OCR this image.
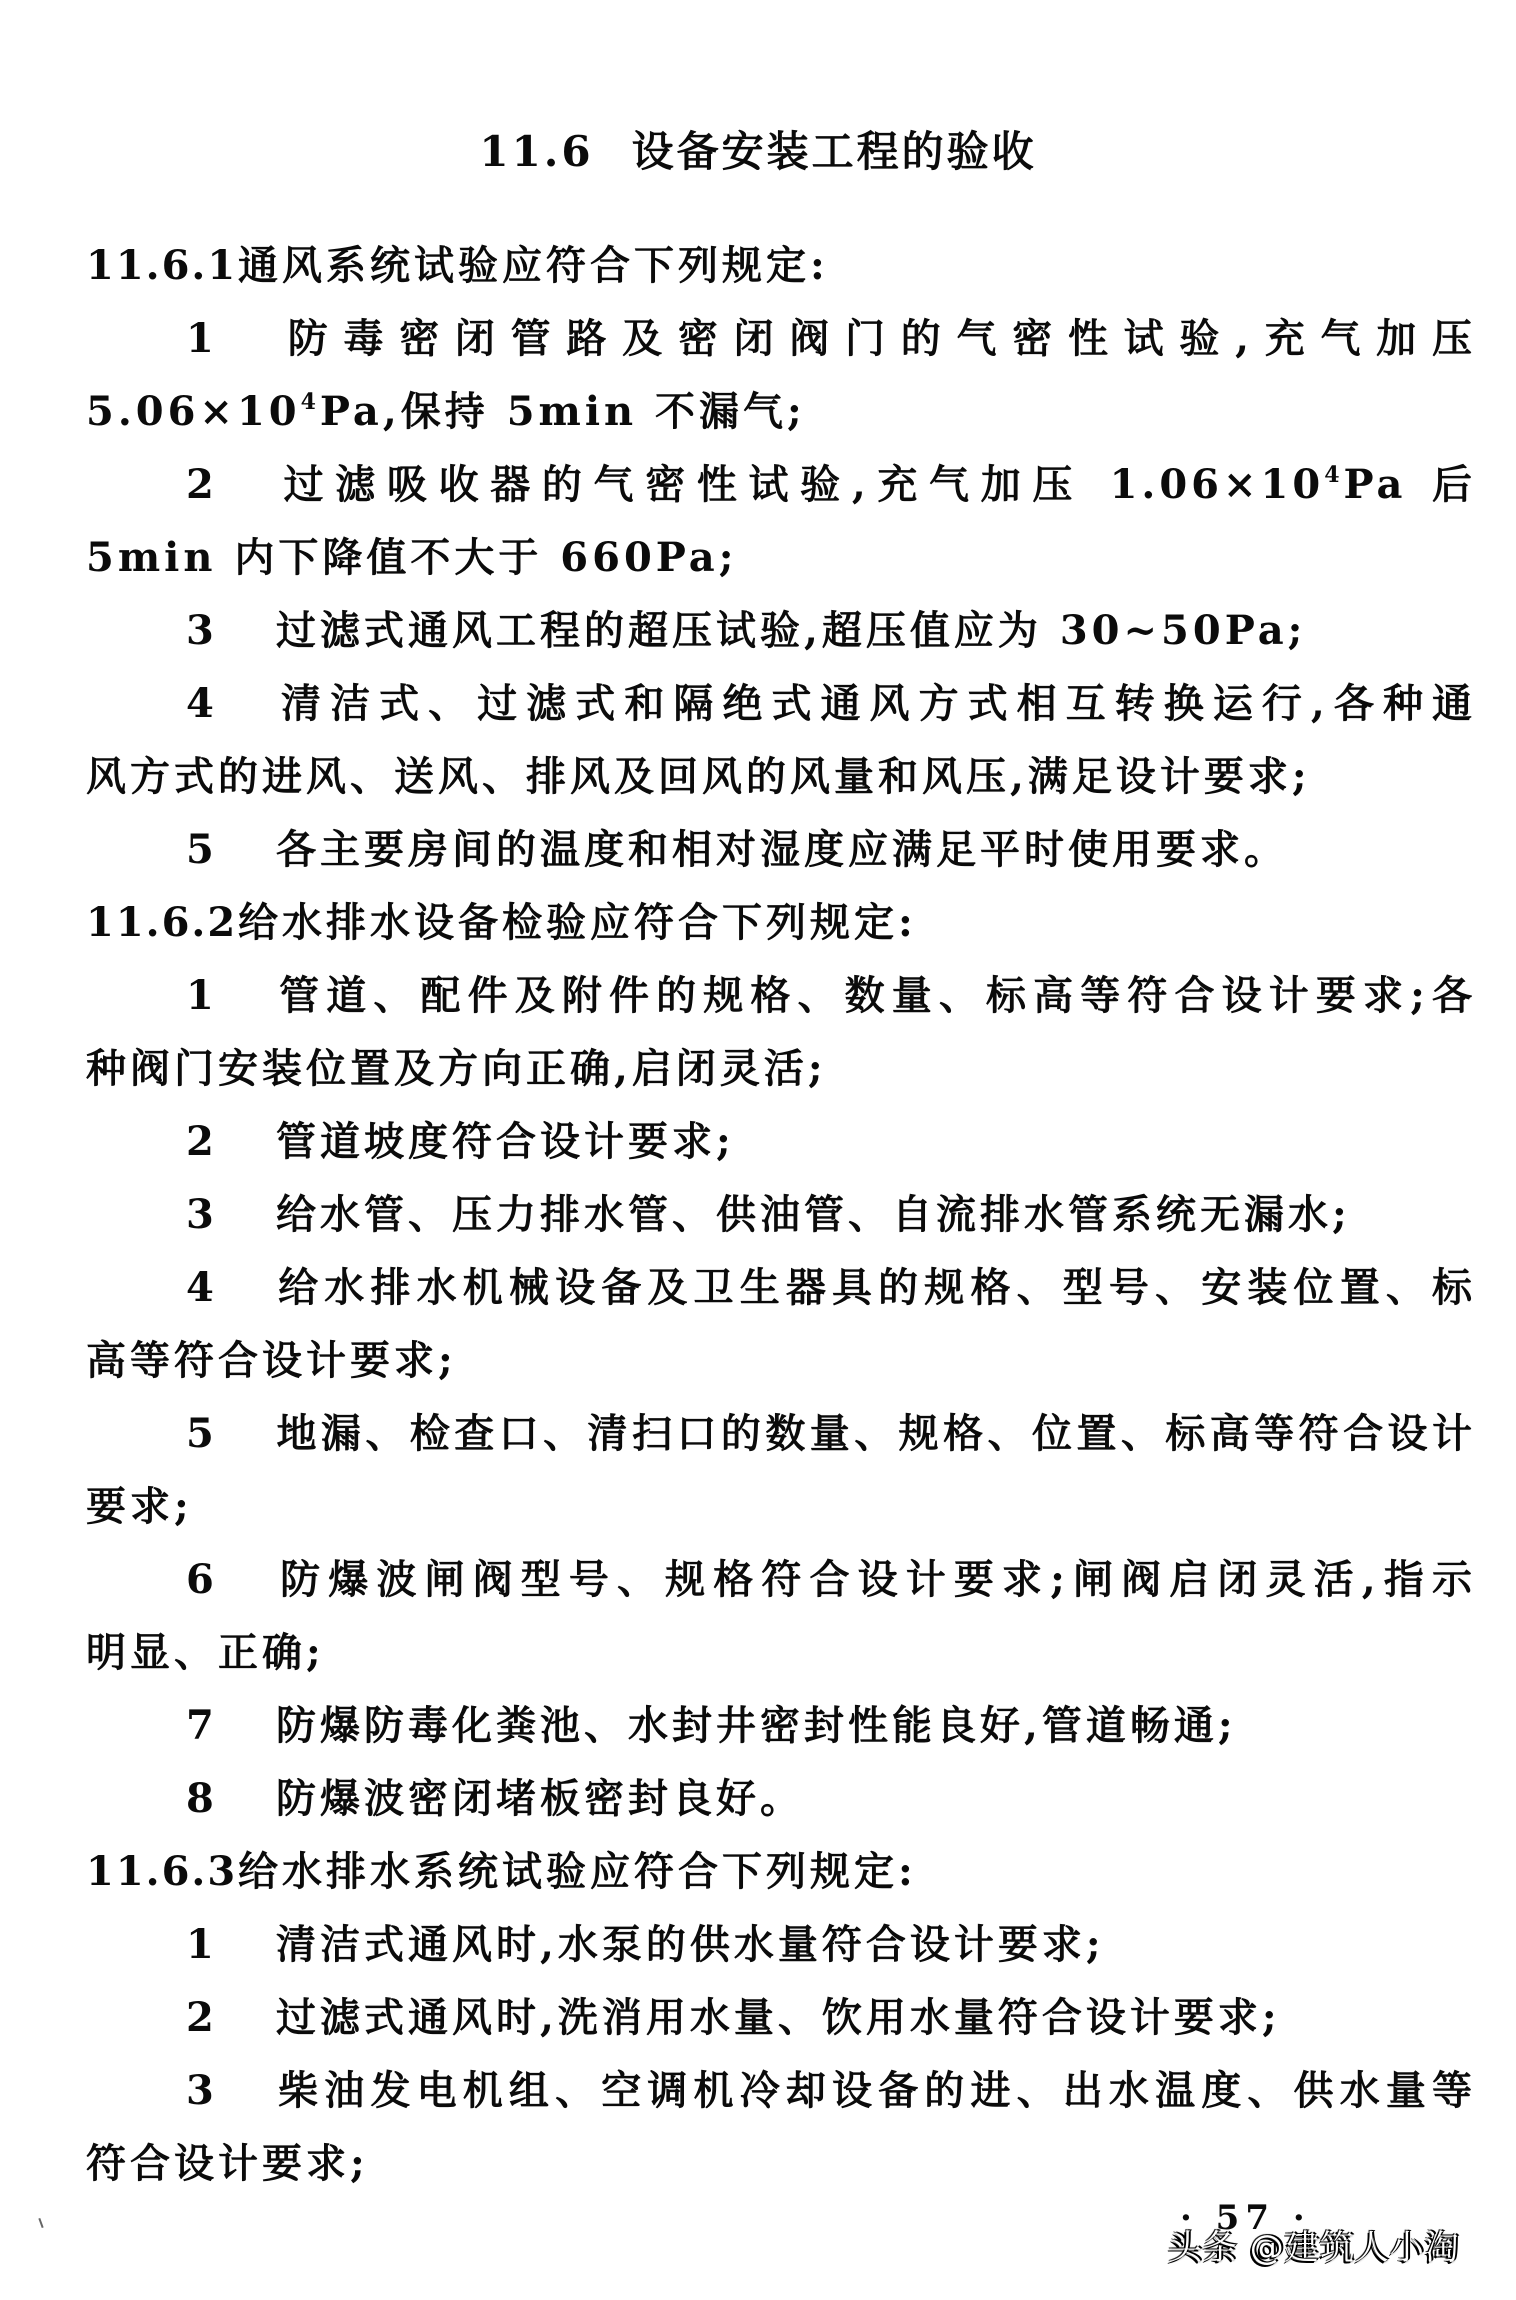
11.6 设备安装工程的验收
11.6.1通风系统试验应符合下列规定:
1 防毒密闭管路及密闭阀门的气密性试验,充气加压
$5.06\times 10^4Pa$,保持 5min 不漏气;
2 过滤吸收器的气密性试验,充气加压 $1.06\times 10^4Pa$ 后
5min 内下降值不大于 660Pa;
3 过滤式通风工程的超压试验,超压值应为 30~50Pa;
4 清洁式、过滤式和隔绝式通风方式相互转换运行,各种通
风方式的进风、送风、排风及回风的风量和风压,满足设计要求;
5 各主要房间的温度和相对湿度应满足平时使用要求。
11.6.2给水排水设备检验应符合下列规定:
1 管道、配件及附件的规格、数量、标高等符合设计要求;各
种阀门安装位置及方向正确,启闭灵活;
2 管道坡度符合设计要求;
3 给水管、压力排水管、供油管、自流排水管系统无漏水;
4 给水排水机械设备及卫生器具的规格、型号、安装位置、标
高等符合设计要求;
5 地漏、检查口、清扫口的数量、规格、位置、标高等符合设计
要求;
6 防爆波闸阀型号、规格符合设计要求;闸阀启闭灵活,指示
明显、正确;
7 防爆防毒化粪池、水封井密封性能良好,管道畅通;
8 防爆波密闭堵板密封良好。
11.6.3给水排水系统试验应符合下列规定:
1 清洁式通风时,水泵的供水量符合设计要求;
2 过滤式通风时,洗消用水量、饮用水量符合设计要求;
3 柴油发电机组、空调机冷却设备的进、出水温度、供水量等
符合设计要求;
· 57 ·
头条 @建筑人小淘
